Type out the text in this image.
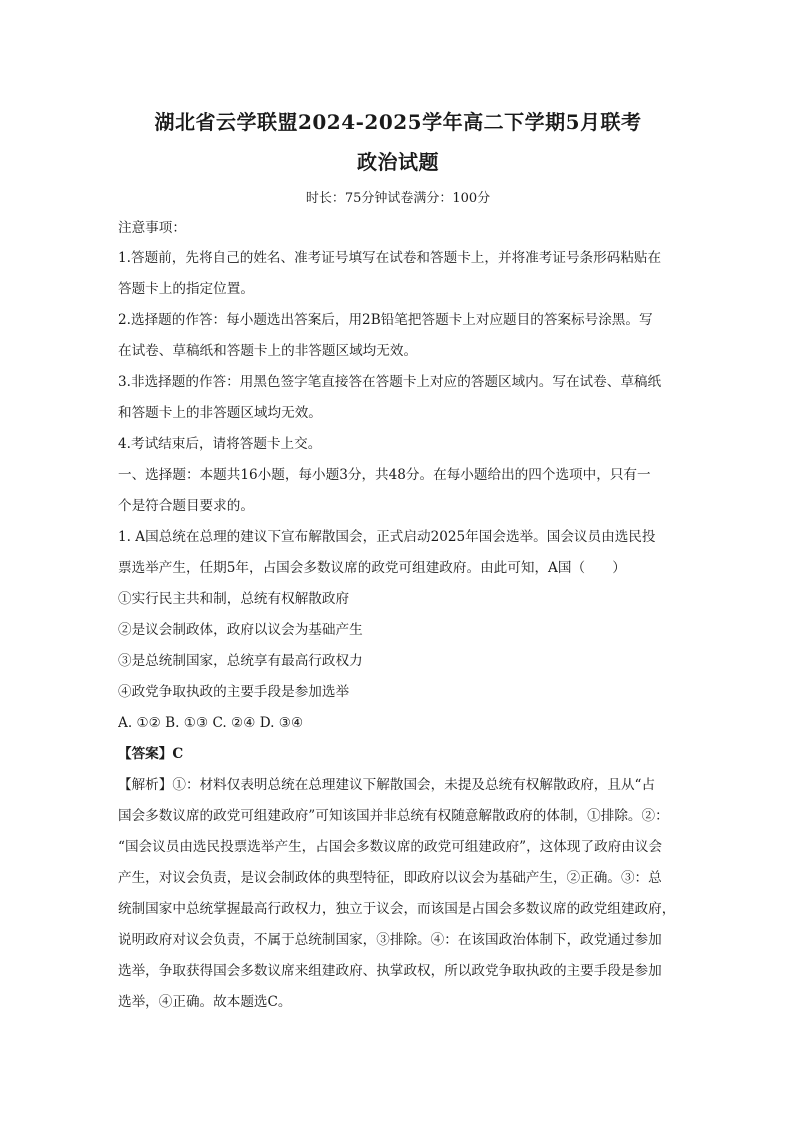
湖北省云学联盟2024-2025学年高二下学期5月联考
政治试题
时长：75分钟试卷满分：100分
注意事项：
1.答题前，先将自己的姓名、准考证号填写在试卷和答题卡上，并将准考证号条形码粘贴在
答题卡上的指定位置。
2.选择题的作答：每小题选出答案后，用2B铅笔把答题卡上对应题目的答案标号涂黑。写
在试卷、草稿纸和答题卡上的非答题区域均无效。
3.非选择题的作答：用黑色签字笔直接答在答题卡上对应的答题区域内。写在试卷、草稿纸
和答题卡上的非答题区域均无效。
4.考试结束后，请将答题卡上交。
一、选择题：本题共16小题，每小题3分，共48分。在每小题给出的四个选项中，只有一
个是符合题目要求的。
1. A国总统在总理的建议下宣布解散国会，正式启动2025年国会选举。国会议员由选民投
票选举产生，任期5年，占国会多数议席的政党可组建政府。由此可知，A国（　　）
①实行民主共和制，总统有权解散政府
②是议会制政体，政府以议会为基础产生
③是总统制国家，总统享有最高行政权力
④政党争取执政的主要手段是参加选举
A. ①② B. ①③ C. ②④ D. ③④
【答案】C
【解析】①：材料仅表明总统在总理建议下解散国会，未提及总统有权解散政府，且从“占
国会多数议席的政党可组建政府”可知该国并非总统有权随意解散政府的体制，①排除。②：
“国会议员由选民投票选举产生，占国会多数议席的政党可组建政府”，这体现了政府由议会
产生，对议会负责，是议会制政体的典型特征，即政府以议会为基础产生，②正确。③：总
统制国家中总统掌握最高行政权力，独立于议会，而该国是占国会多数议席的政党组建政府，
说明政府对议会负责，不属于总统制国家，③排除。④：在该国政治体制下，政党通过参加
选举，争取获得国会多数议席来组建政府、执掌政权，所以政党争取执政的主要手段是参加
选举，④正确。故本题选C。
